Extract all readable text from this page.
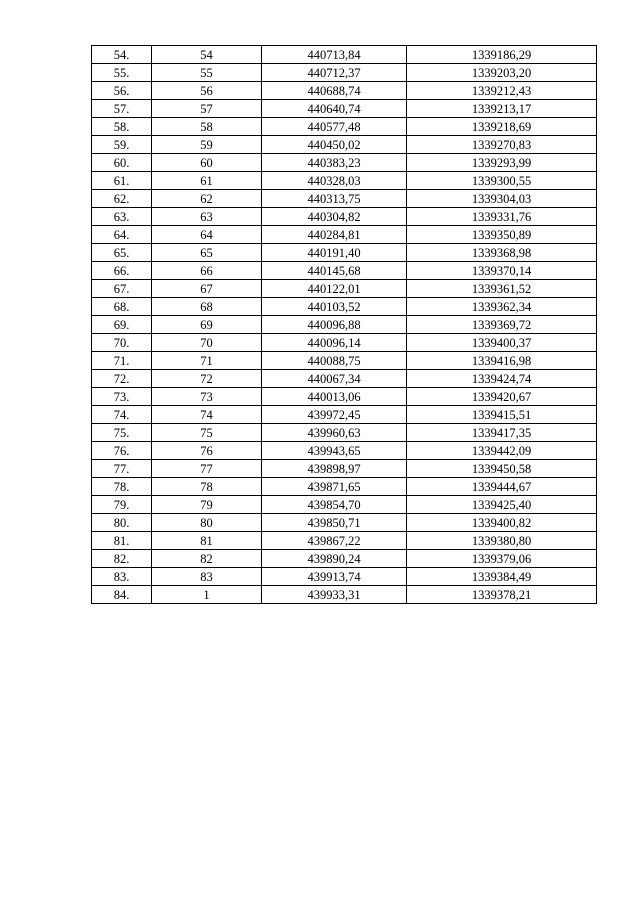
54.	54	440713,84	1339186,29
55.	55	440712,37	1339203,20
56.	56	440688,74	1339212,43
57.	57	440640,74	1339213,17
58.	58	440577,48	1339218,69
59.	59	440450,02	1339270,83
60.	60	440383,23	1339293,99
61.	61	440328,03	1339300,55
62.	62	440313,75	1339304,03
63.	63	440304,82	1339331,76
64.	64	440284,81	1339350,89
65.	65	440191,40	1339368,98
66.	66	440145,68	1339370,14
67.	67	440122,01	1339361,52
68.	68	440103,52	1339362,34
69.	69	440096,88	1339369,72
70.	70	440096,14	1339400,37
71.	71	440088,75	1339416,98
72.	72	440067,34	1339424,74
73.	73	440013,06	1339420,67
74.	74	439972,45	1339415,51
75.	75	439960,63	1339417,35
76.	76	439943,65	1339442,09
77.	77	439898,97	1339450,58
78.	78	439871,65	1339444,67
79.	79	439854,70	1339425,40
80.	80	439850,71	1339400,82
81.	81	439867,22	1339380,80
82.	82	439890,24	1339379,06
83.	83	439913,74	1339384,49
84.	1	439933,31	1339378,21
